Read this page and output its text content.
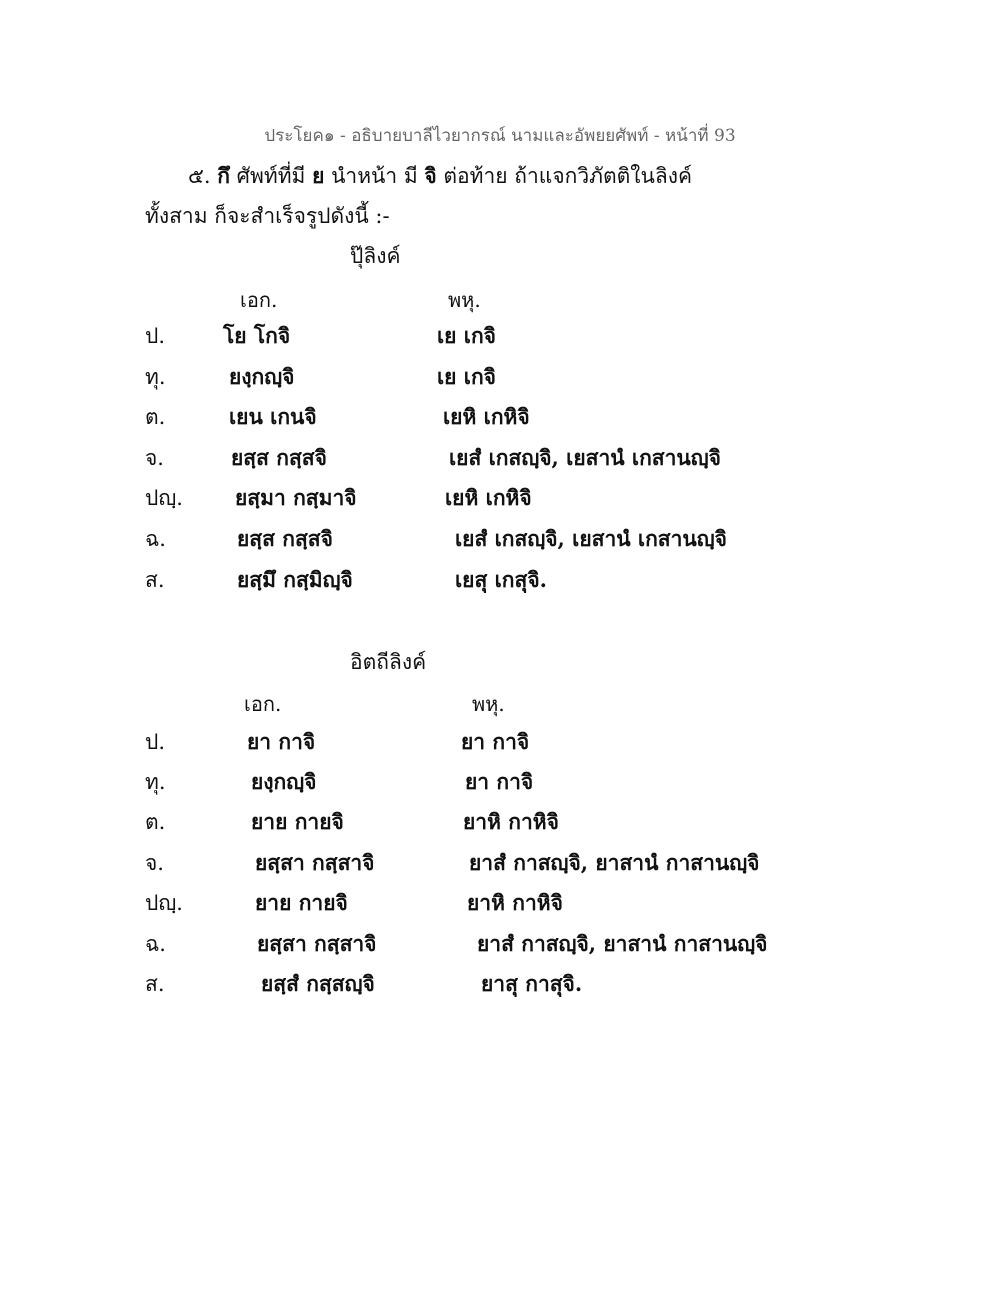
ประโยค๑ - อธิบายบาลีไวยากรณ์ นามและอัพยยศัพท์ - หน้าที่ 93
๕. กึ ศัพท์ที่มี ย นำหน้า มี จิ ต่อท้าย ถ้าแจกวิภัตติในลิงค์
ทั้งสาม ก็จะสำเร็จรูปดังนี้ :-
ปุ๊ลิงค์
เอก.	พหุ.
ป.	โย โกจิ	เย เกจิ
ทุ.	ยงฺกญฺจิ	เย เกจิ
ต.	เยน เกนจิ	เยหิ เกหิจิ
จ.	ยสฺส กสฺสจิ	เยสํ เกสญฺจิ, เยสานํ เกสานญฺจิ
ปญฺ. ยสฺมา กสฺมาจิ	เยหิ เกหิจิ
ฉ.	ยสฺส กสฺสจิ	เยสํ เกสญฺจิ, เยสานํ เกสานญฺจิ
ส.	ยสฺมึ กสฺมิญฺจิ	เยสุ เกสุจิ.
อิตถีลิงค์
เอก.	พหุ.
ป.	ยา กาจิ	ยา กาจิ
ทุ.	ยงฺกญฺจิ	ยา กาจิ
ต.	ยาย กายจิ	ยาหิ กาหิจิ
จ.	ยสฺสา กสฺสาจิ	ยาสํ กาสญฺจิ, ยาสานํ กาสานญฺจิ
ปญฺ.	ยาย กายจิ	ยาหิ กาหิจิ
ฉ.	ยสฺสา กสฺสาจิ	ยาสํ กาสญฺจิ, ยาสานํ กาสานญฺจิ
ส.	ยสฺสํ กสฺสญฺจิ	ยาสุ กาสุจิ.
